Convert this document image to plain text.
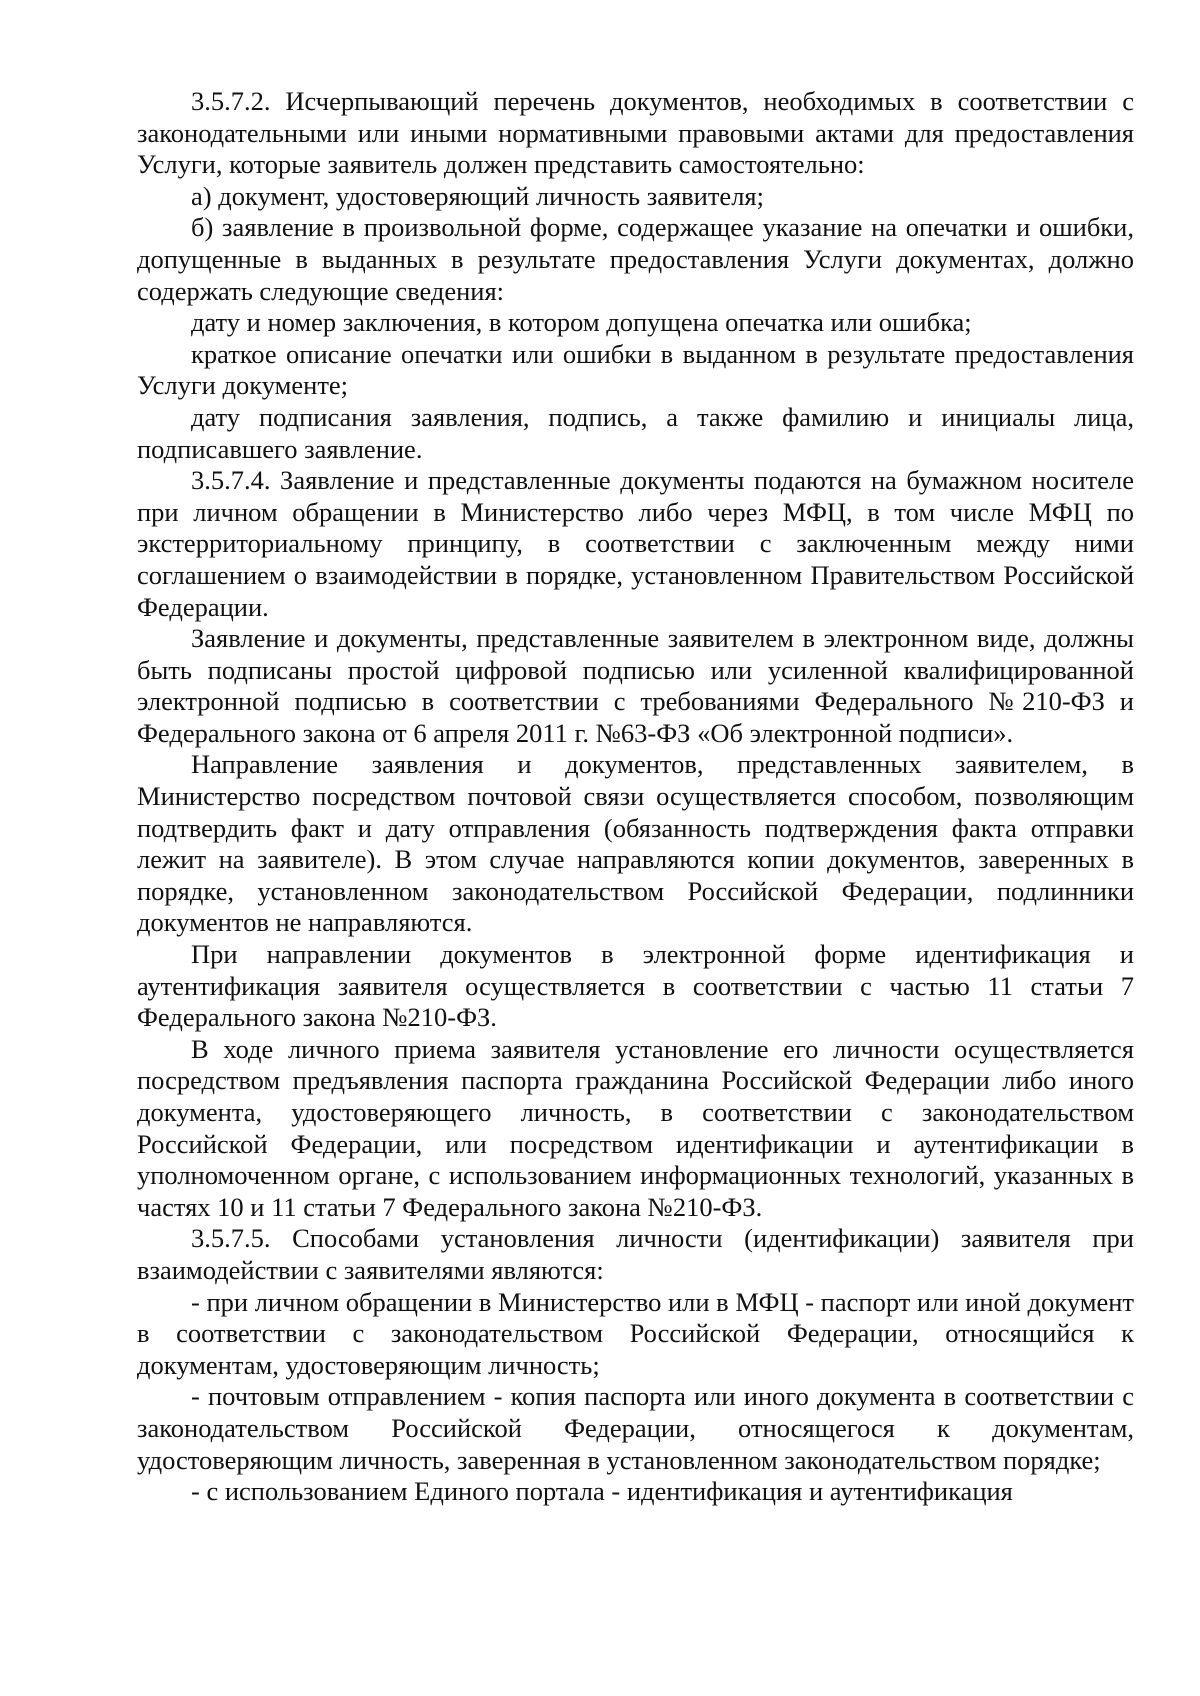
3.5.7.2. Исчерпывающий перечень документов, необходимых в соответствии с законодательными или иными нормативными правовыми актами для предоставления Услуги, которые заявитель должен представить самостоятельно:

а) документ, удостоверяющий личность заявителя;

б) заявление в произвольной форме, содержащее указание на опечатки и ошибки, допущенные в выданных в результате предоставления Услуги документах, должно содержать следующие сведения:

дату и номер заключения, в котором допущена опечатка или ошибка;

краткое описание опечатки или ошибки в выданном в результате предоставления Услуги документе;

дату подписания заявления, подпись, а также фамилию и инициалы лица, подписавшего заявление.

3.5.7.4. Заявление и представленные документы подаются на бумажном носителе при личном обращении в Министерство либо через МФЦ, в том числе МФЦ по экстерриториальному принципу, в соответствии с заключенным между ними соглашением о взаимодействии в порядке, установленном Правительством Российской Федерации.

Заявление и документы, представленные заявителем в электронном виде, должны быть подписаны простой цифровой подписью или усиленной квалифицированной электронной подписью в соответствии с требованиями Федерального №210-ФЗ и Федерального закона от 6 апреля 2011 г. №63-ФЗ «Об электронной подписи».

Направление заявления и документов, представленных заявителем, в Министерство посредством почтовой связи осуществляется способом, позволяющим подтвердить факт и дату отправления (обязанность подтверждения факта отправки лежит на заявителе). В этом случае направляются копии документов, заверенных в порядке, установленном законодательством Российской Федерации, подлинники документов не направляются.

При направлении документов в электронной форме идентификация и аутентификация заявителя осуществляется в соответствии с частью 11 статьи 7 Федерального закона №210-ФЗ.

В ходе личного приема заявителя установление его личности осуществляется посредством предъявления паспорта гражданина Российской Федерации либо иного документа, удостоверяющего личность, в соответствии с законодательством Российской Федерации, или посредством идентификации и аутентификации в уполномоченном органе, с использованием информационных технологий, указанных в частях 10 и 11 статьи 7 Федерального закона №210-ФЗ.

3.5.7.5. Способами установления личности (идентификации) заявителя при взаимодействии с заявителями являются:

- при личном обращении в Министерство или в МФЦ - паспорт или иной документ в соответствии с законодательством Российской Федерации, относящийся к документам, удостоверяющим личность;

- почтовым отправлением - копия паспорта или иного документа в соответствии с законодательством Российской Федерации, относящегося к документам, удостоверяющим личность, заверенная в установленном законодательством порядке;

- с использованием Единого портала - идентификация и аутентификация
